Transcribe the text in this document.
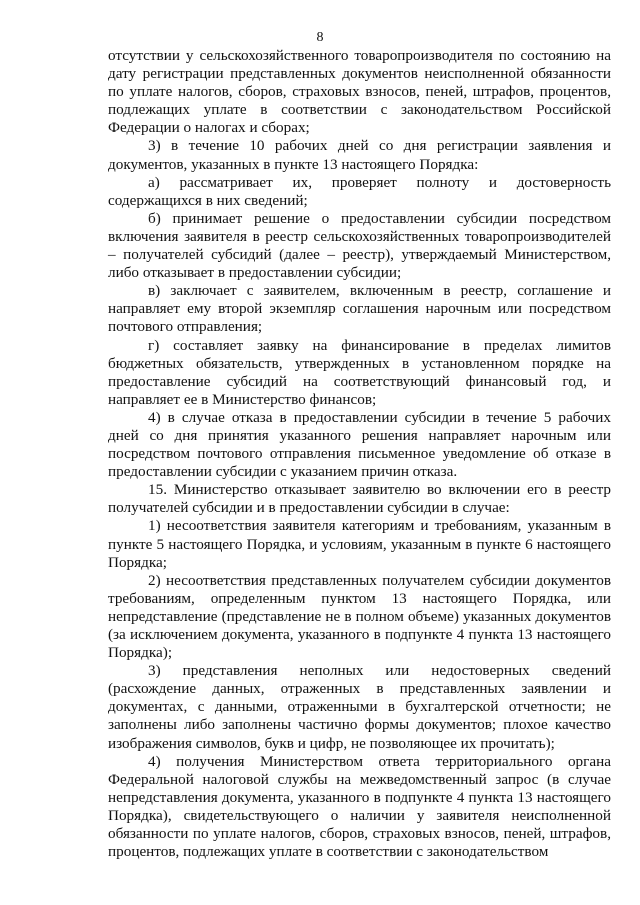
8

отсутствии у сельскохозяйственного товаропроизводителя по состоянию на дату регистрации представленных документов неисполненной обязанности по уплате налогов, сборов, страховых взносов, пеней, штрафов, процентов, подлежащих уплате в соответствии с законодательством Российской Федерации о налогах и сборах;

3) в течение 10 рабочих дней со дня регистрации заявления и документов, указанных в пункте 13 настоящего Порядка:

а) рассматривает их, проверяет полноту и достоверность содержащихся в них сведений;

б) принимает решение о предоставлении субсидии посредством включения заявителя в реестр сельскохозяйственных товаропроизводителей – получателей субсидий (далее – реестр), утверждаемый Министерством, либо отказывает в предоставлении субсидии;

в) заключает с заявителем, включенным в реестр, соглашение и направляет ему второй экземпляр соглашения нарочным или посредством почтового отправления;

г) составляет заявку на финансирование в пределах лимитов бюджетных обязательств, утвержденных в установленном порядке на предоставление субсидий на соответствующий финансовый год, и направляет ее в Министерство финансов;

4) в случае отказа в предоставлении субсидии в течение 5 рабочих дней со дня принятия указанного решения направляет нарочным или посредством почтового отправления письменное уведомление об отказе в предоставлении субсидии с указанием причин отказа.

15. Министерство отказывает заявителю во включении его в реестр получателей субсидии и в предоставлении субсидии в случае:

1) несоответствия заявителя категориям и требованиям, указанным в пункте 5 настоящего Порядка, и условиям, указанным в пункте 6 настоящего Порядка;

2) несоответствия представленных получателем субсидии документов требованиям, определенным пунктом 13 настоящего Порядка, или непредставление (представление не в полном объеме) указанных документов (за исключением документа, указанного в подпункте 4 пункта 13 настоящего Порядка);

3) представления неполных или недостоверных сведений (расхождение данных, отраженных в представленных заявлении и документах, с данными, отраженными в бухгалтерской отчетности; не заполнены либо заполнены частично формы документов; плохое качество изображения символов, букв и цифр, не позволяющее их прочитать);

4) получения Министерством ответа территориального органа Федеральной налоговой службы на межведомственный запрос (в случае непредставления документа, указанного в подпункте 4 пункта 13 настоящего Порядка), свидетельствующего о наличии у заявителя неисполненной обязанности по уплате налогов, сборов, страховых взносов, пеней, штрафов, процентов, подлежащих уплате в соответствии с законодательством
